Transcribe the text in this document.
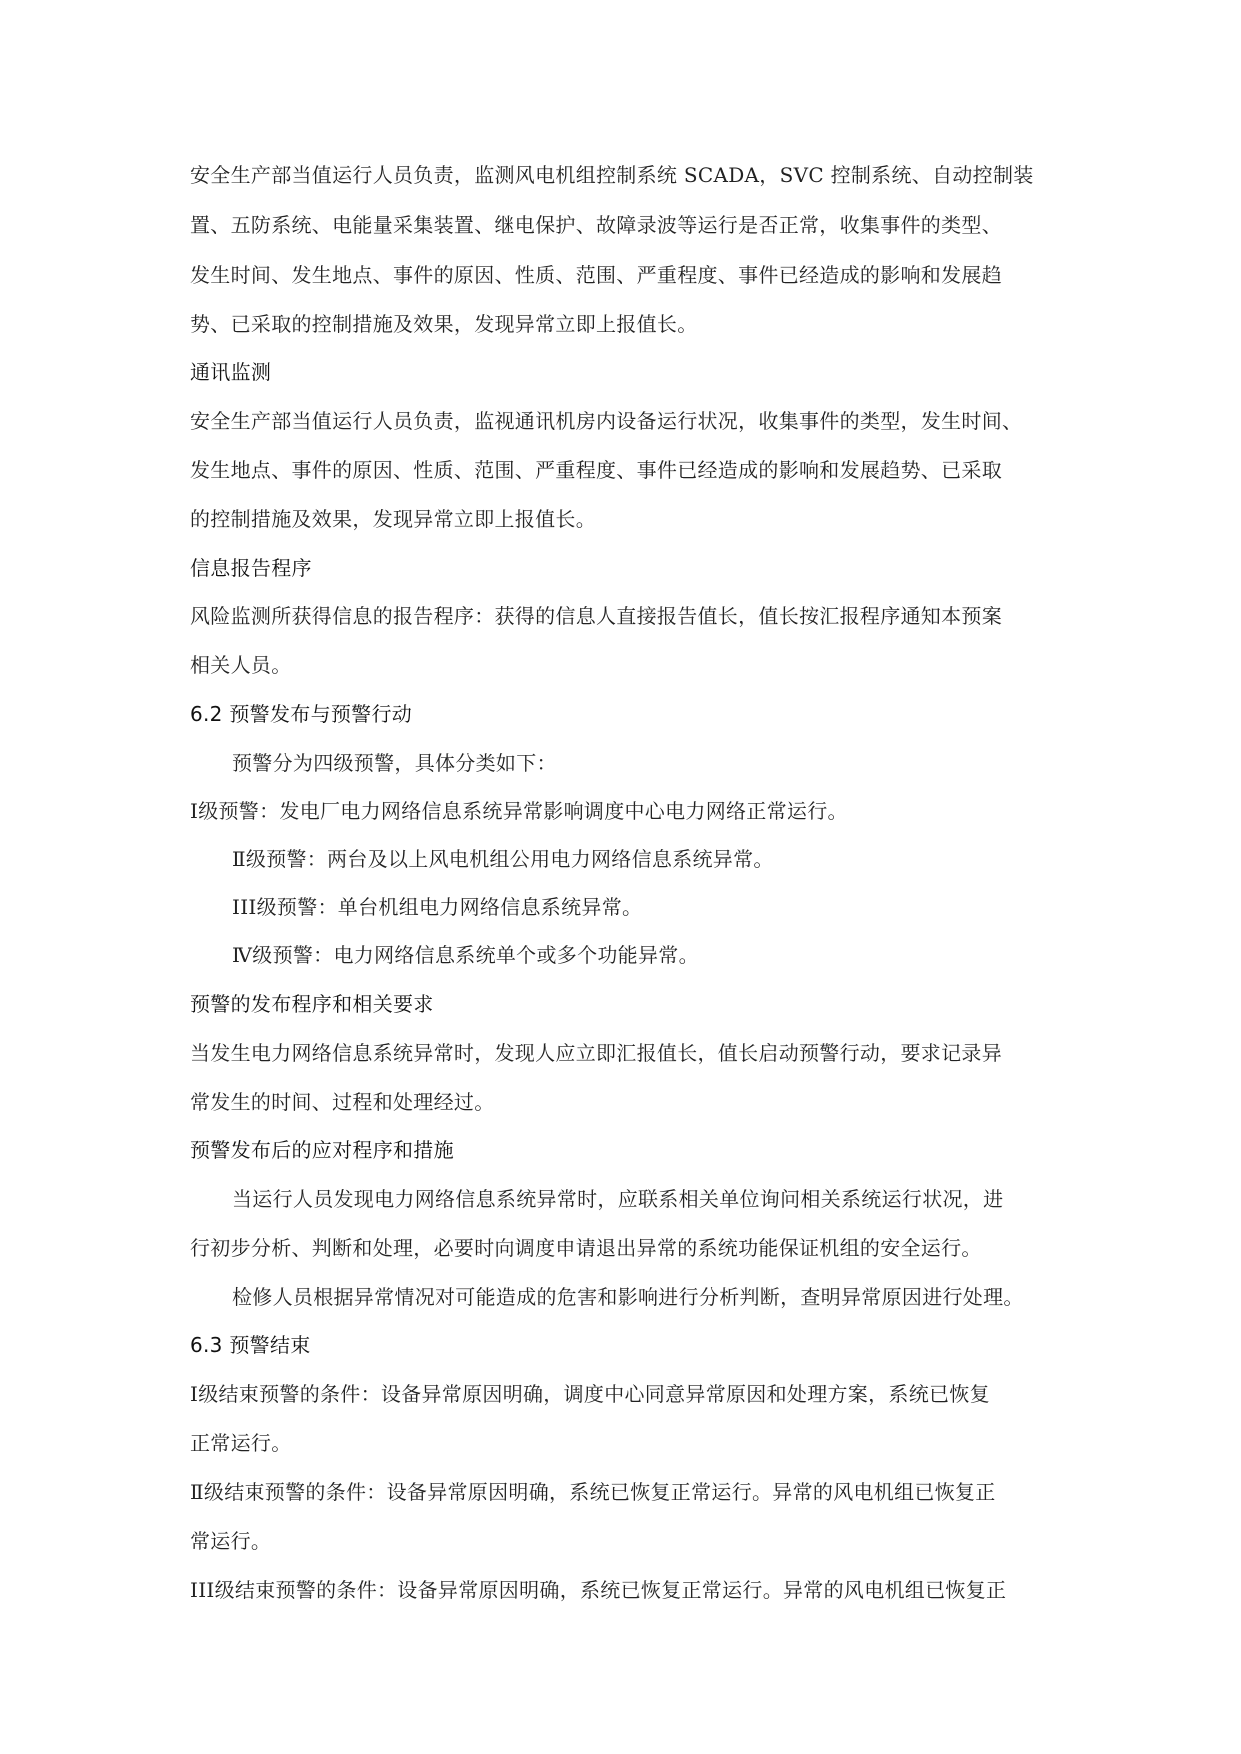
安全生产部当值运行人员负责，监测风电机组控制系统 SCADA，SVC 控制系统、自动控制装

置、五防系统、电能量采集装置、继电保护、故障录波等运行是否正常，收集事件的类型、

发生时间、发生地点、事件的原因、性质、范围、严重程度、事件已经造成的影响和发展趋

势、已采取的控制措施及效果，发现异常立即上报值长。

通讯监测

安全生产部当值运行人员负责，监视通讯机房内设备运行状况，收集事件的类型，发生时间、

发生地点、事件的原因、性质、范围、严重程度、事件已经造成的影响和发展趋势、已采取

的控制措施及效果，发现异常立即上报值长。

信息报告程序

风险监测所获得信息的报告程序：获得的信息人直接报告值长，值长按汇报程序通知本预案

相关人员。

6.2 预警发布与预警行动

预警分为四级预警，具体分类如下：

Ⅰ级预警：发电厂电力网络信息系统异常影响调度中心电力网络正常运行。

Ⅱ级预警：两台及以上风电机组公用电力网络信息系统异常。

III级预警：单台机组电力网络信息系统异常。

Ⅳ级预警：电力网络信息系统单个或多个功能异常。

预警的发布程序和相关要求

当发生电力网络信息系统异常时，发现人应立即汇报值长，值长启动预警行动，要求记录异

常发生的时间、过程和处理经过。

预警发布后的应对程序和措施

当运行人员发现电力网络信息系统异常时，应联系相关单位询问相关系统运行状况，进

行初步分析、判断和处理，必要时向调度申请退出异常的系统功能保证机组的安全运行。

检修人员根据异常情况对可能造成的危害和影响进行分析判断，查明异常原因进行处理。

6.3 预警结束

Ⅰ级结束预警的条件：设备异常原因明确，调度中心同意异常原因和处理方案，系统已恢复

正常运行。

Ⅱ级结束预警的条件：设备异常原因明确，系统已恢复正常运行。异常的风电机组已恢复正

常运行。

III级结束预警的条件：设备异常原因明确，系统已恢复正常运行。异常的风电机组已恢复正
